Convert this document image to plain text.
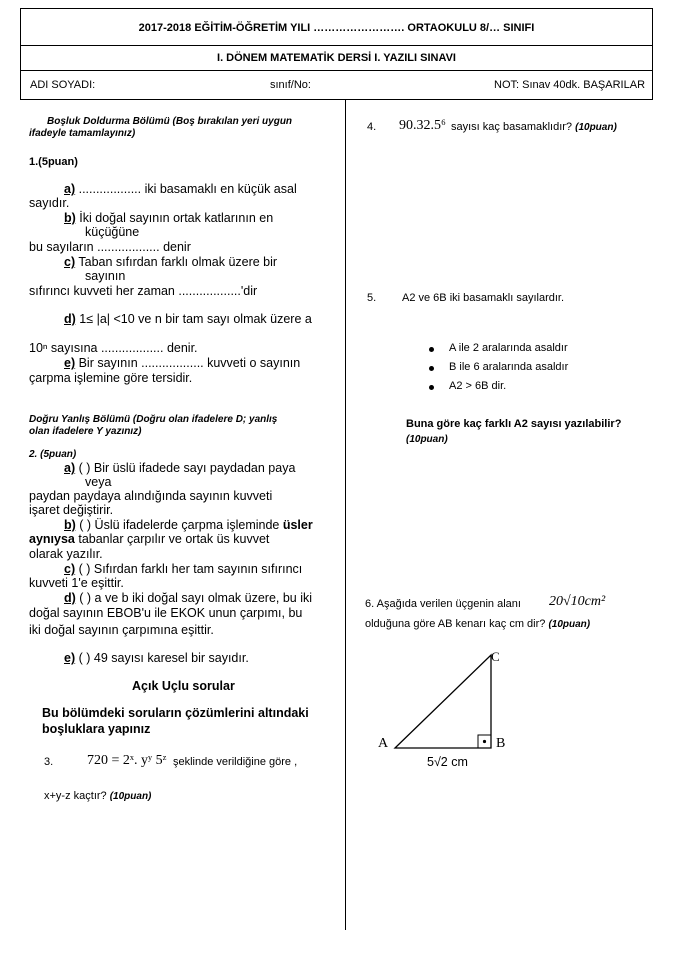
2017-2018 EĞİTİM-ÖĞRETİM YILI ……………………. ORTAOKULU 8/… SINIFI
I. DÖNEM MATEMATİK DERSİ I. YAZILI SINAVI
ADI SOYADI:	sınıf/No:	NOT: Sınav 40dk. BAŞARILAR
Boşluk Doldurma Bölümü (Boş bırakılan yeri uygun
ifadeyle tamamlayınız)
1.(5puan)
a) .................. iki basamaklı en küçük asal
sayıdır.
b) İki doğal sayının ortak katlarının en
küçüğüne
bu sayıların .................. denir
c) Taban sıfırdan farklı olmak üzere bir
sayının
sıfırıncı kuvveti her zaman ..................'dir
d) 1≤ |a| <10 ve n bir tam sayı olmak üzere a
10ⁿ sayısına .................. denir.
e) Bir sayının .................. kuvveti o sayının
çarpma işlemine göre tersidir.
Doğru Yanlış Bölümü (Doğru olan ifadelere D; yanlış
olan ifadelere Y yazınız)
2. (5puan)
a) ( ) Bir üslü ifadede sayı paydadan paya
veya
paydan paydaya alındığında sayının kuvveti
işaret değiştirir.
b) ( ) Üslü ifadelerde çarpma işleminde üsler
aynıysa tabanlar çarpılır ve ortak üs kuvvet
olarak yazılır.
c) ( ) Sıfırdan farklı her tam sayının sıfırıncı
kuvveti 1'e eşittir.
d) ( ) a ve b iki doğal sayı olmak üzere, bu iki
doğal sayının EBOB'u ile EKOK unun çarpımı, bu
iki doğal sayının çarpımına eşittir.
e) ( ) 49 sayısı karesel bir sayıdır.
Açık Uçlu sorular
Bu bölümdeki soruların çözümlerini altındaki
boşluklara yapınız
3. 720 = 2ˣ. yʸ 5ᶻ şeklinde verildiğine göre ,
x+y-z kaçtır? (10puan)
4. 90.32.5⁶ sayısı kaç basamaklıdır? (10puan)
5. A2 ve 6B iki basamaklı sayılardır.
A ile 2 aralarında asaldır
B ile 6 aralarında asaldır
A2 > 6B dir.
Buna göre kaç farklı A2 sayısı yazılabilir?
(10puan)
6. Aşağıda verilen üçgenin alanı 20√10cm²
olduğuna göre AB kenarı kaç cm dir? (10puan)
A	B
C
5√2 cm
